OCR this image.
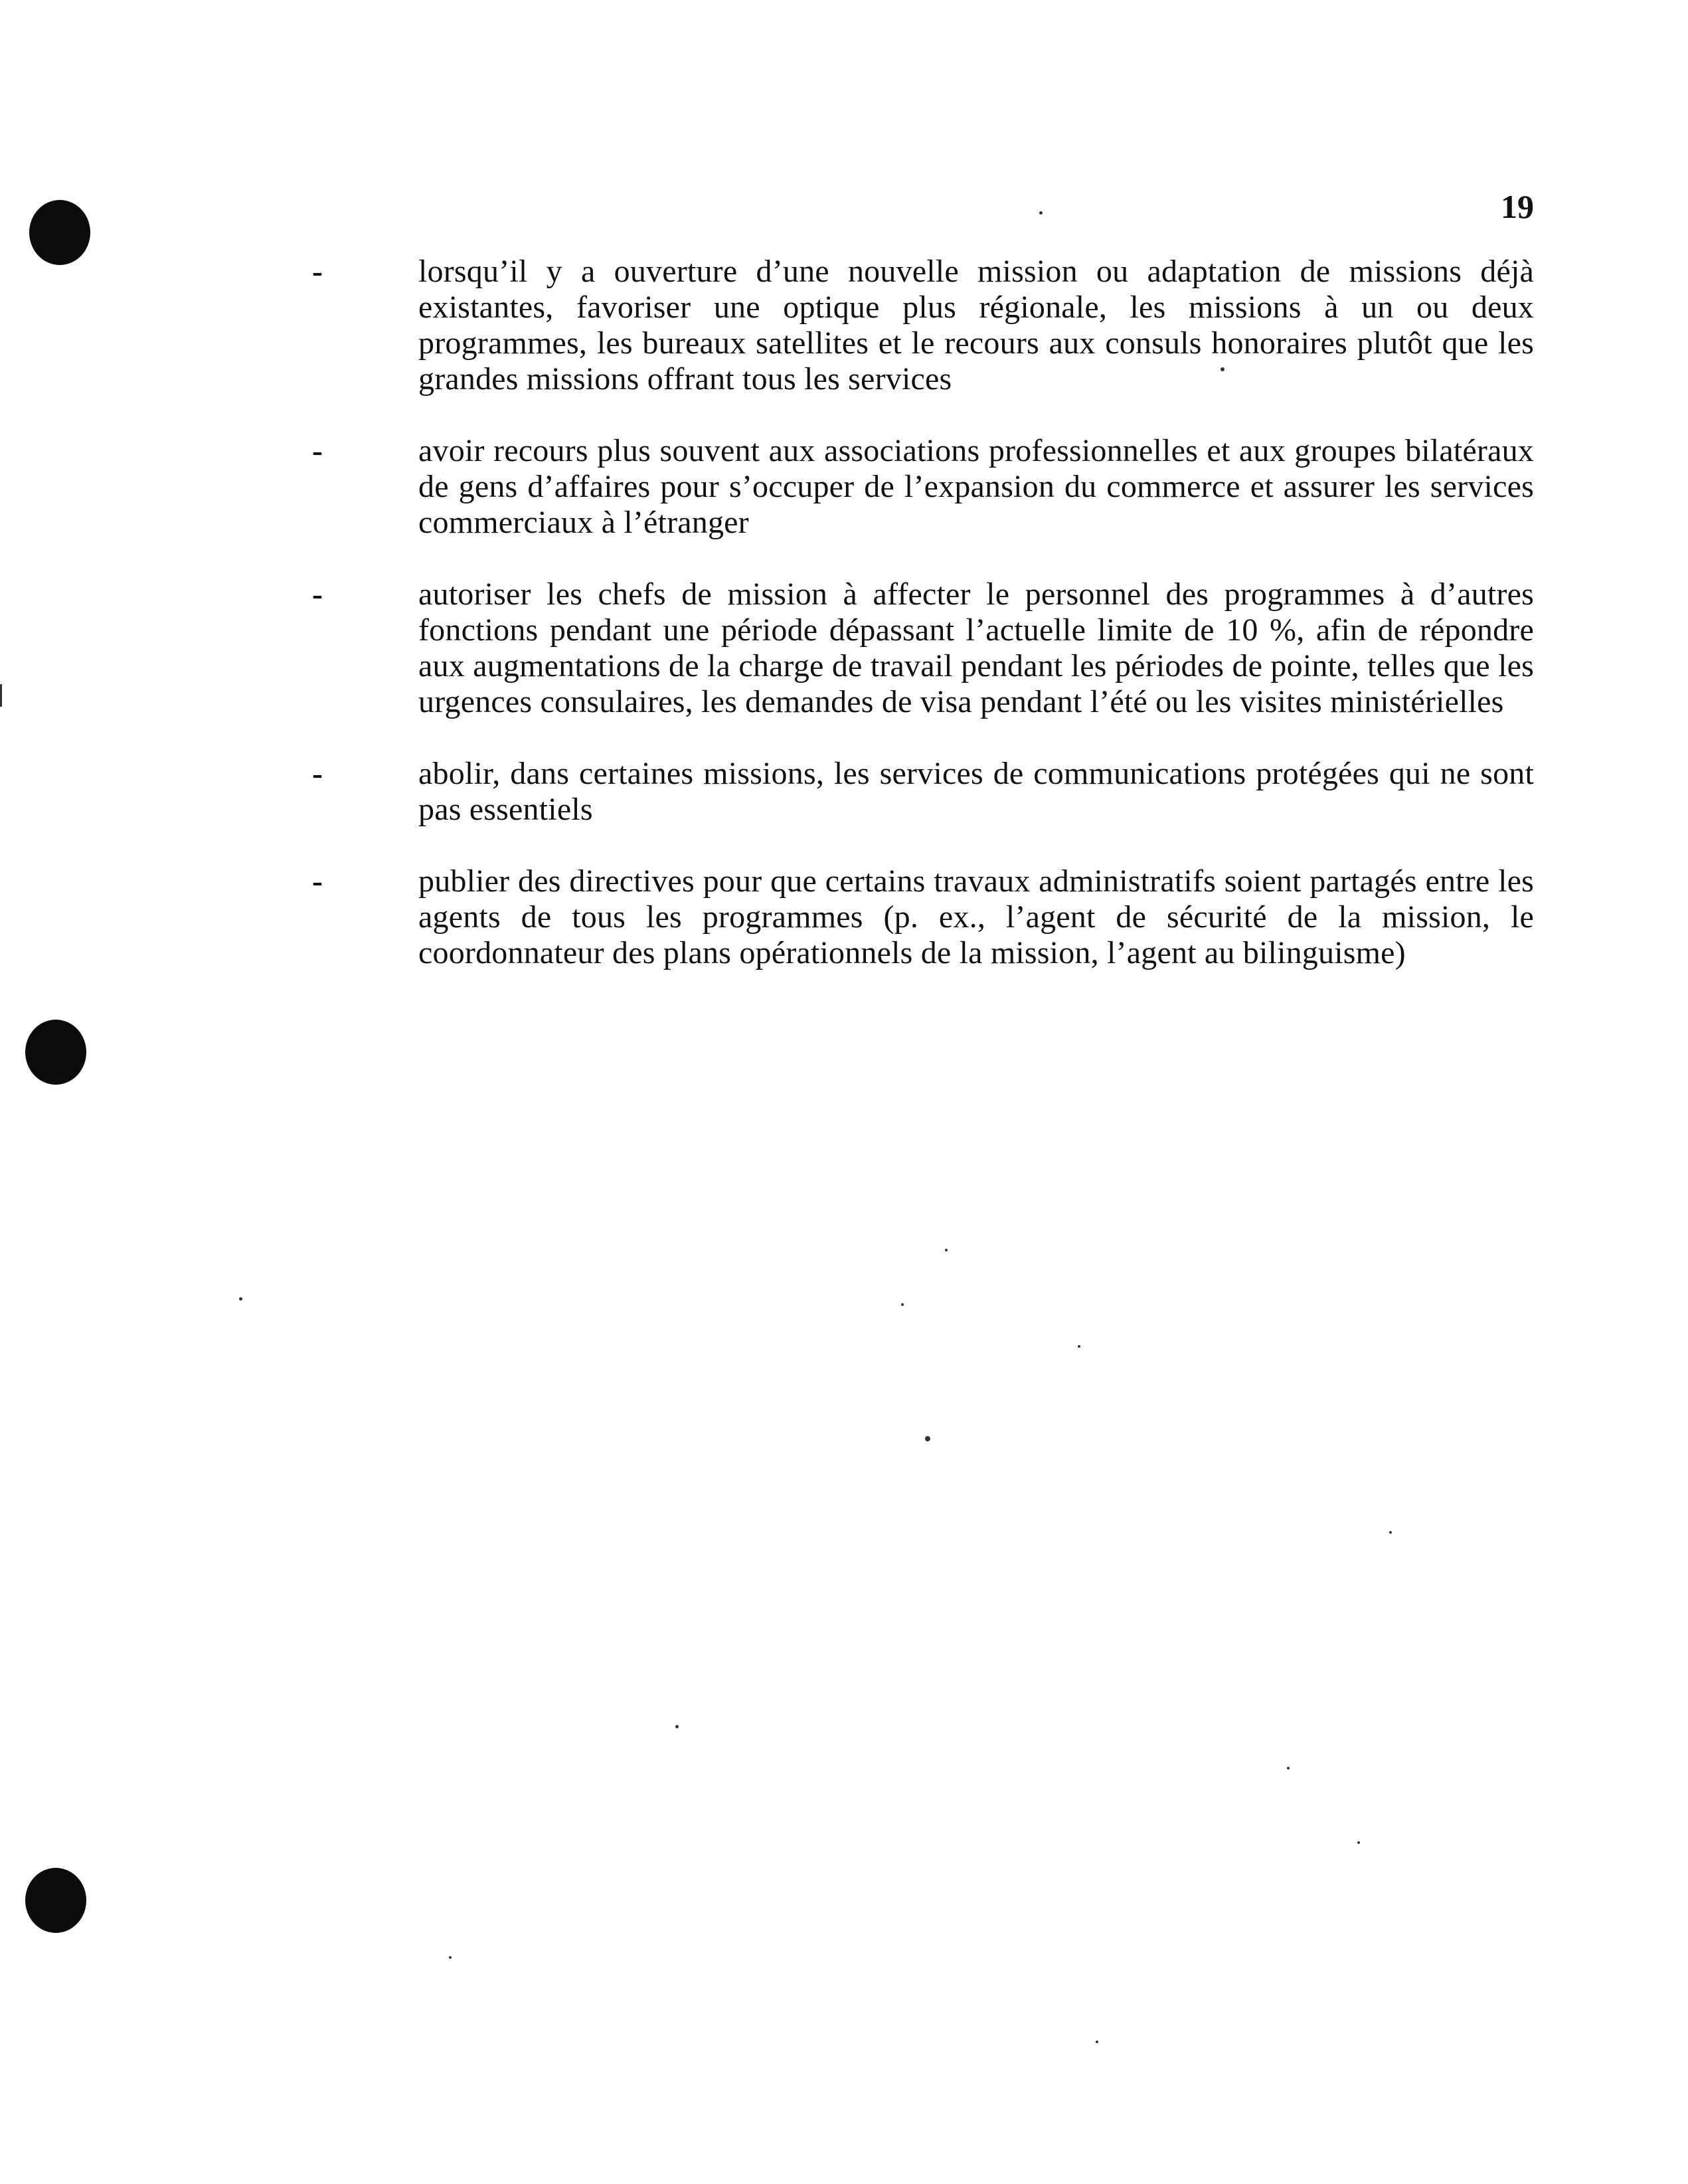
19
-	lorsqu’il y a ouverture d’une nouvelle mission ou adaptation de missions déjà existantes, favoriser une optique plus régionale, les missions à un ou deux programmes, les bureaux satellites et le recours aux consuls honoraires plutôt que les grandes missions offrant tous les services
-	avoir recours plus souvent aux associations professionnelles et aux groupes bilatéraux de gens d’affaires pour s’occuper de l’expansion du commerce et assurer les services commerciaux à l’étranger
-	autoriser les chefs de mission à affecter le personnel des programmes à d’autres fonctions pendant une période dépassant l’actuelle limite de 10 %, afin de répondre aux augmentations de la charge de travail pendant les périodes de pointe, telles que les urgences consulaires, les demandes de visa pendant l’été ou les visites ministérielles
-	abolir, dans certaines missions, les services de communications protégées qui ne sont pas essentiels
-	publier des directives pour que certains travaux administratifs soient partagés entre les agents de tous les programmes (p. ex., l’agent de sécurité de la mission, le coordonnateur des plans opérationnels de la mission, l’agent au bilinguisme)
